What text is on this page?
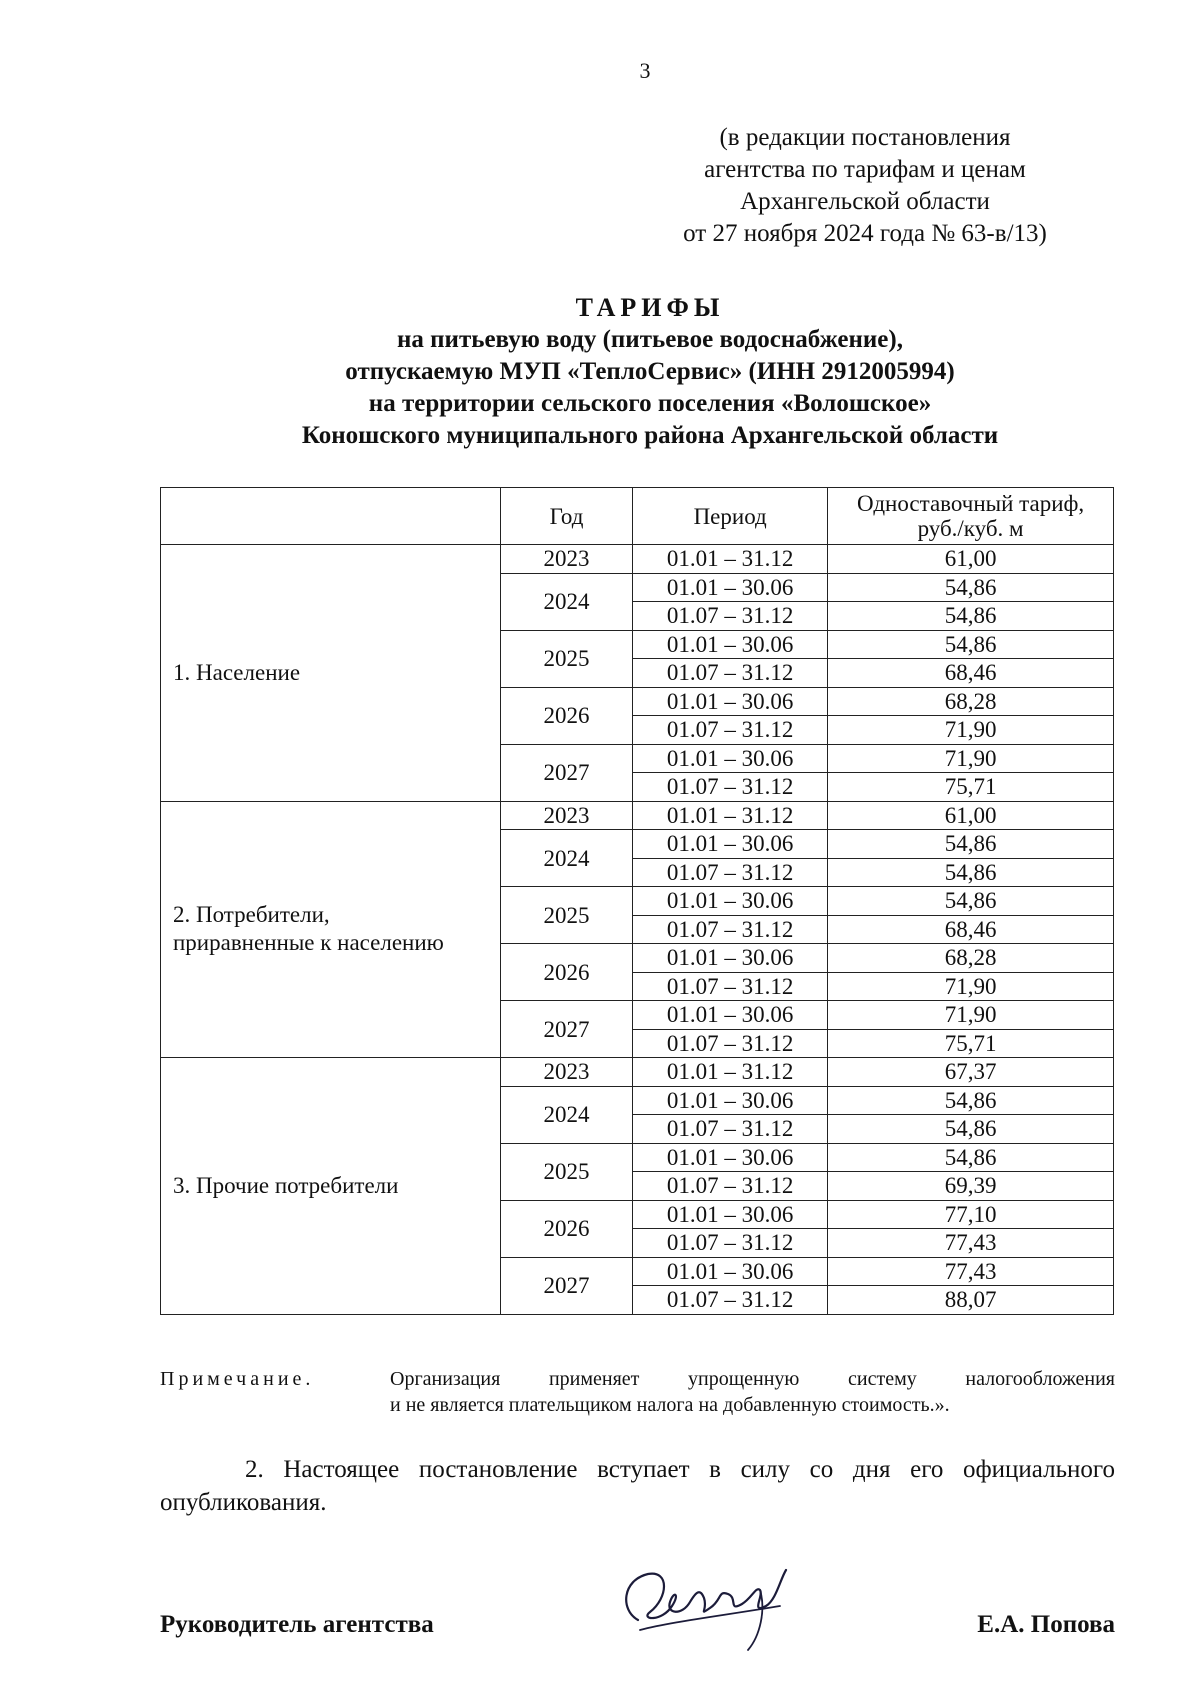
3
(в редакции постановления
агентства по тарифам и ценам
Архангельской области
от 27 ноября 2024 года № 63-в/13)
ТАРИФЫ
на питьевую воду (питьевое водоснабжение),
отпускаемую МУП «ТеплоСервис» (ИНН 2912005994)
на территории сельского поселения «Волошское»
Коношского муниципального района Архангельской области
	Год	Период	Одноставочный тариф,
руб./куб. м

1. Население	2023	01.01 – 31.12	61,00
	2024	01.01 – 30.06	54,86
		01.07 – 31.12	54,86
	2025	01.01 – 30.06	54,86
		01.07 – 31.12	68,46
	2026	01.01 – 30.06	68,28
		01.07 – 31.12	71,90
	2027	01.01 – 30.06	71,90
		01.07 – 31.12	75,71

2. Потребители,
приравненные к населению	2023	01.01 – 31.12	61,00
	2024	01.01 – 30.06	54,86
		01.07 – 31.12	54,86
	2025	01.01 – 30.06	54,86
		01.07 – 31.12	68,46
	2026	01.01 – 30.06	68,28
		01.07 – 31.12	71,90
	2027	01.01 – 30.06	71,90
		01.07 – 31.12	75,71

3. Прочие потребители	2023	01.01 – 31.12	67,37
	2024	01.01 – 30.06	54,86
		01.07 – 31.12	54,86
	2025	01.01 – 30.06	54,86
		01.07 – 31.12	69,39
	2026	01.01 – 30.06	77,10
		01.07 – 31.12	77,43
	2027	01.01 – 30.06	77,43
		01.07 – 31.12	88,07
Примечание.	Организация применяет упрощенную систему налогообложения
и не является плательщиком налога на добавленную стоимость.».
2. Настоящее постановление вступает в силу со дня его официального
опубликования.
Руководитель агентства	Е.А. Попова
